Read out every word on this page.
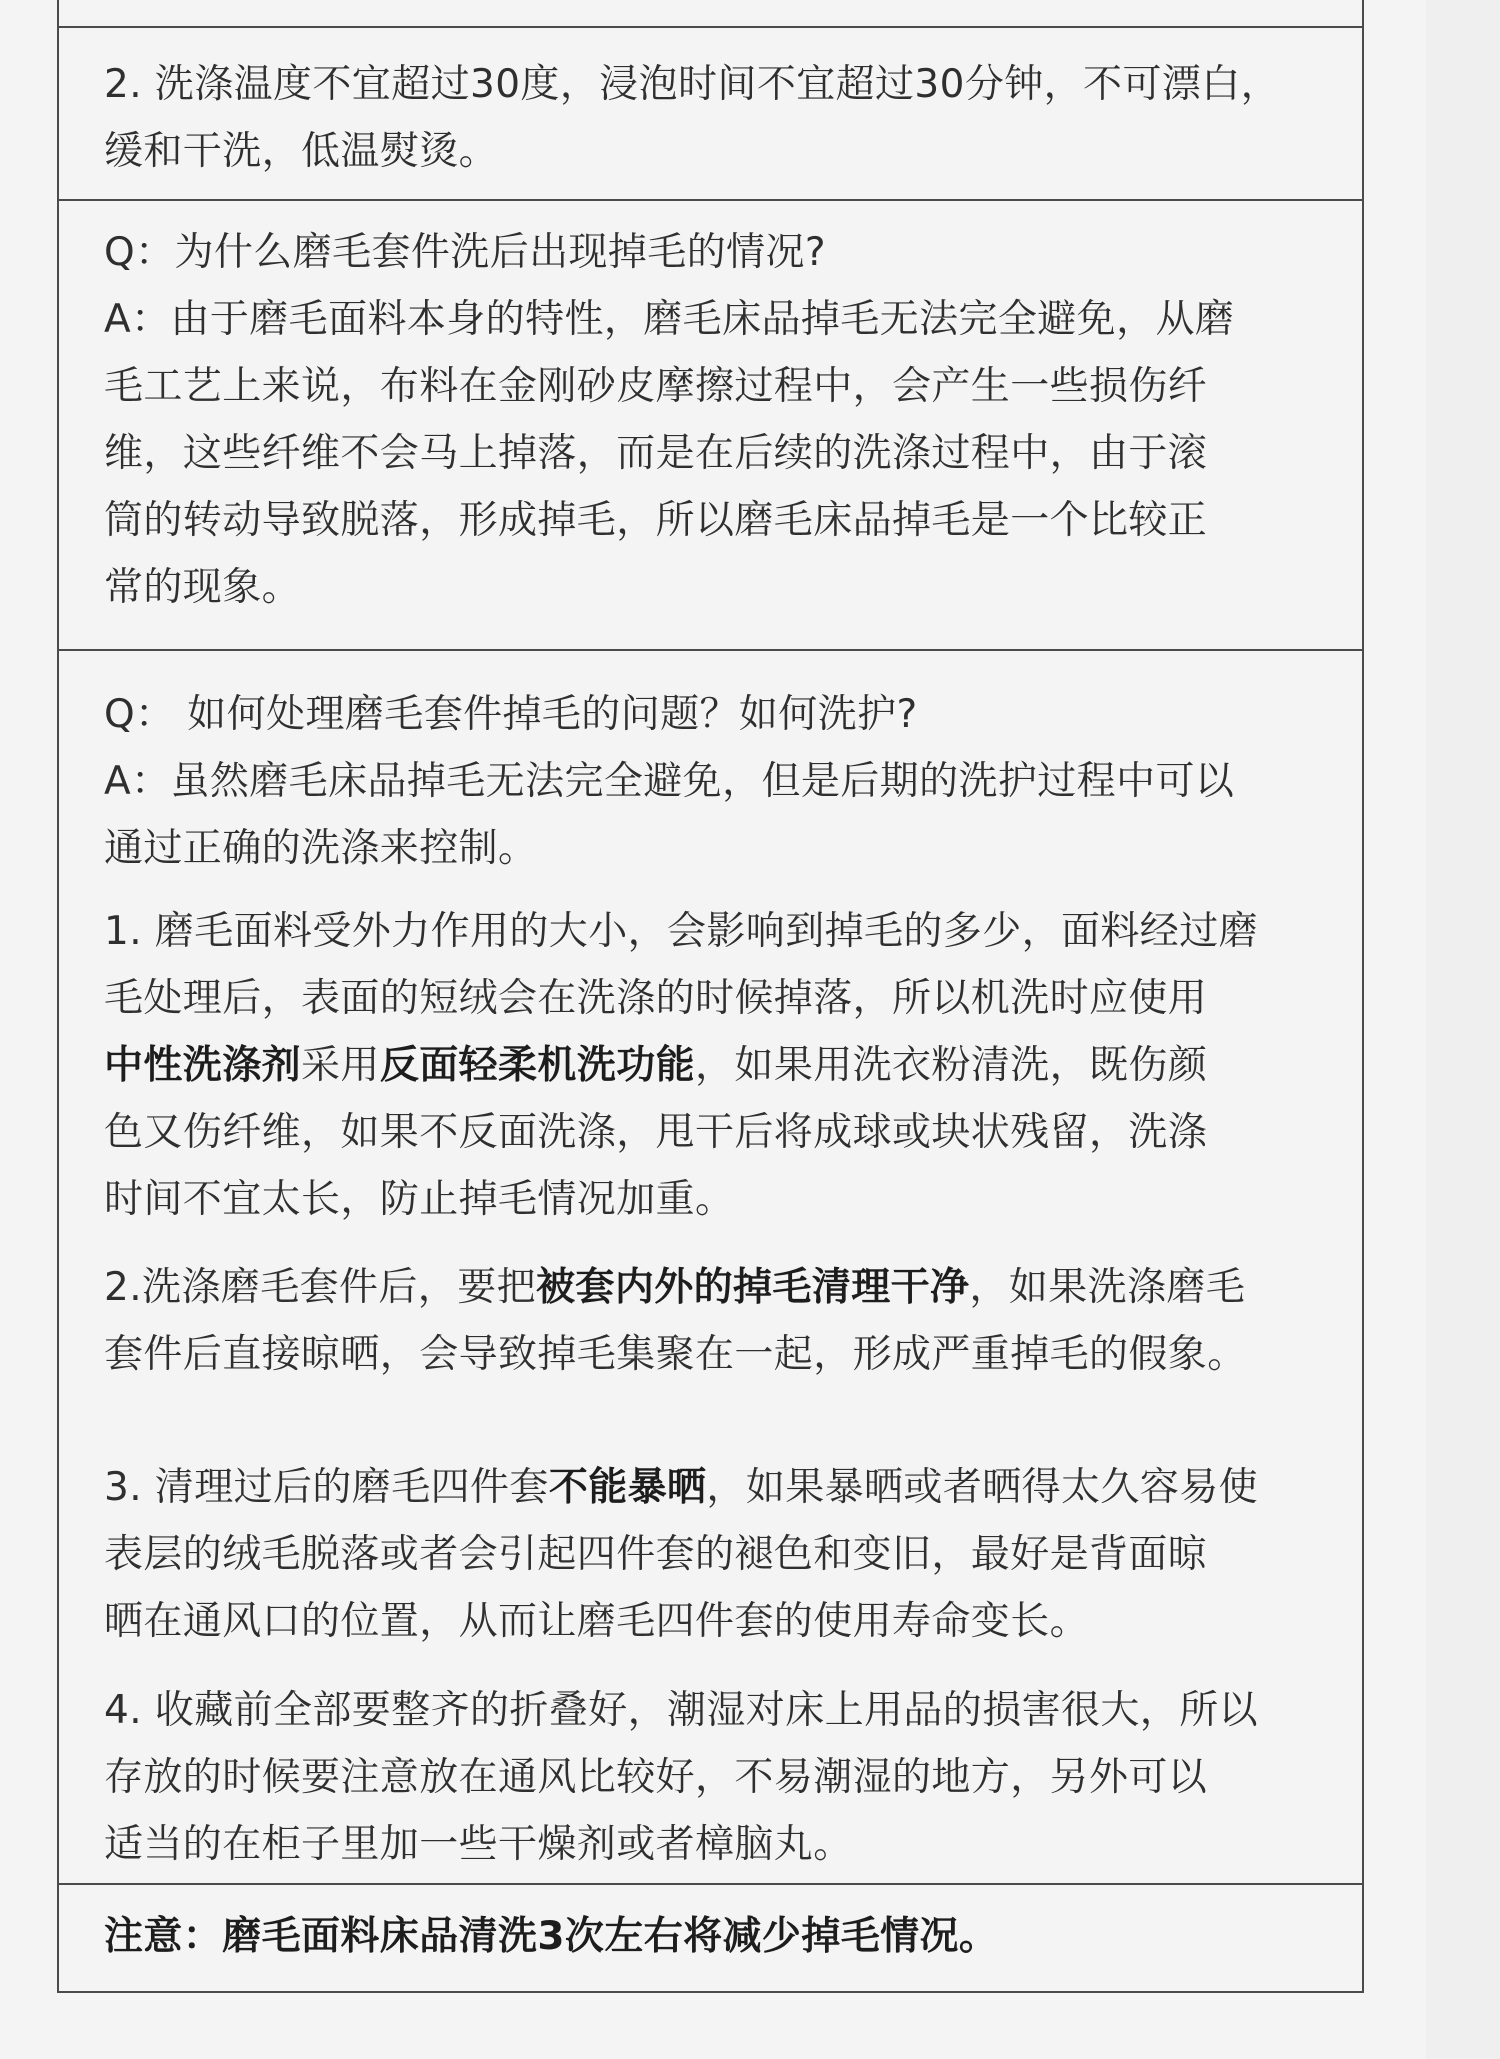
2. 洗涤温度不宜超过30度，浸泡时间不宜超过30分钟，不可漂白，
缓和干洗，低温熨烫。

Q：为什么磨毛套件洗后出现掉毛的情况?
A：由于磨毛面料本身的特性，磨毛床品掉毛无法完全避免，从磨
毛工艺上来说，布料在金刚砂皮摩擦过程中，会产生一些损伤纤
维，这些纤维不会马上掉落，而是在后续的洗涤过程中，由于滚
筒的转动导致脱落，形成掉毛，所以磨毛床品掉毛是一个比较正
常的现象。

Q： 如何处理磨毛套件掉毛的问题？如何洗护?
A：虽然磨毛床品掉毛无法完全避免，但是后期的洗护过程中可以
通过正确的洗涤来控制。

1. 磨毛面料受外力作用的大小，会影响到掉毛的多少，面料经过磨
毛处理后，表面的短绒会在洗涤的时候掉落，所以机洗时应使用
中性洗涤剂采用反面轻柔机洗功能，如果用洗衣粉清洗，既伤颜
色又伤纤维，如果不反面洗涤，甩干后将成球或块状残留，洗涤
时间不宜太长，防止掉毛情况加重。

2.洗涤磨毛套件后，要把被套内外的掉毛清理干净，如果洗涤磨毛
套件后直接晾晒，会导致掉毛集聚在一起，形成严重掉毛的假象。

3. 清理过后的磨毛四件套不能暴晒，如果暴晒或者晒得太久容易使
表层的绒毛脱落或者会引起四件套的褪色和变旧，最好是背面晾
晒在通风口的位置，从而让磨毛四件套的使用寿命变长。

4. 收藏前全部要整齐的折叠好，潮湿对床上用品的损害很大，所以
存放的时候要注意放在通风比较好，不易潮湿的地方，另外可以
适当的在柜子里加一些干燥剂或者樟脑丸。

注意：磨毛面料床品清洗3次左右将减少掉毛情况。
